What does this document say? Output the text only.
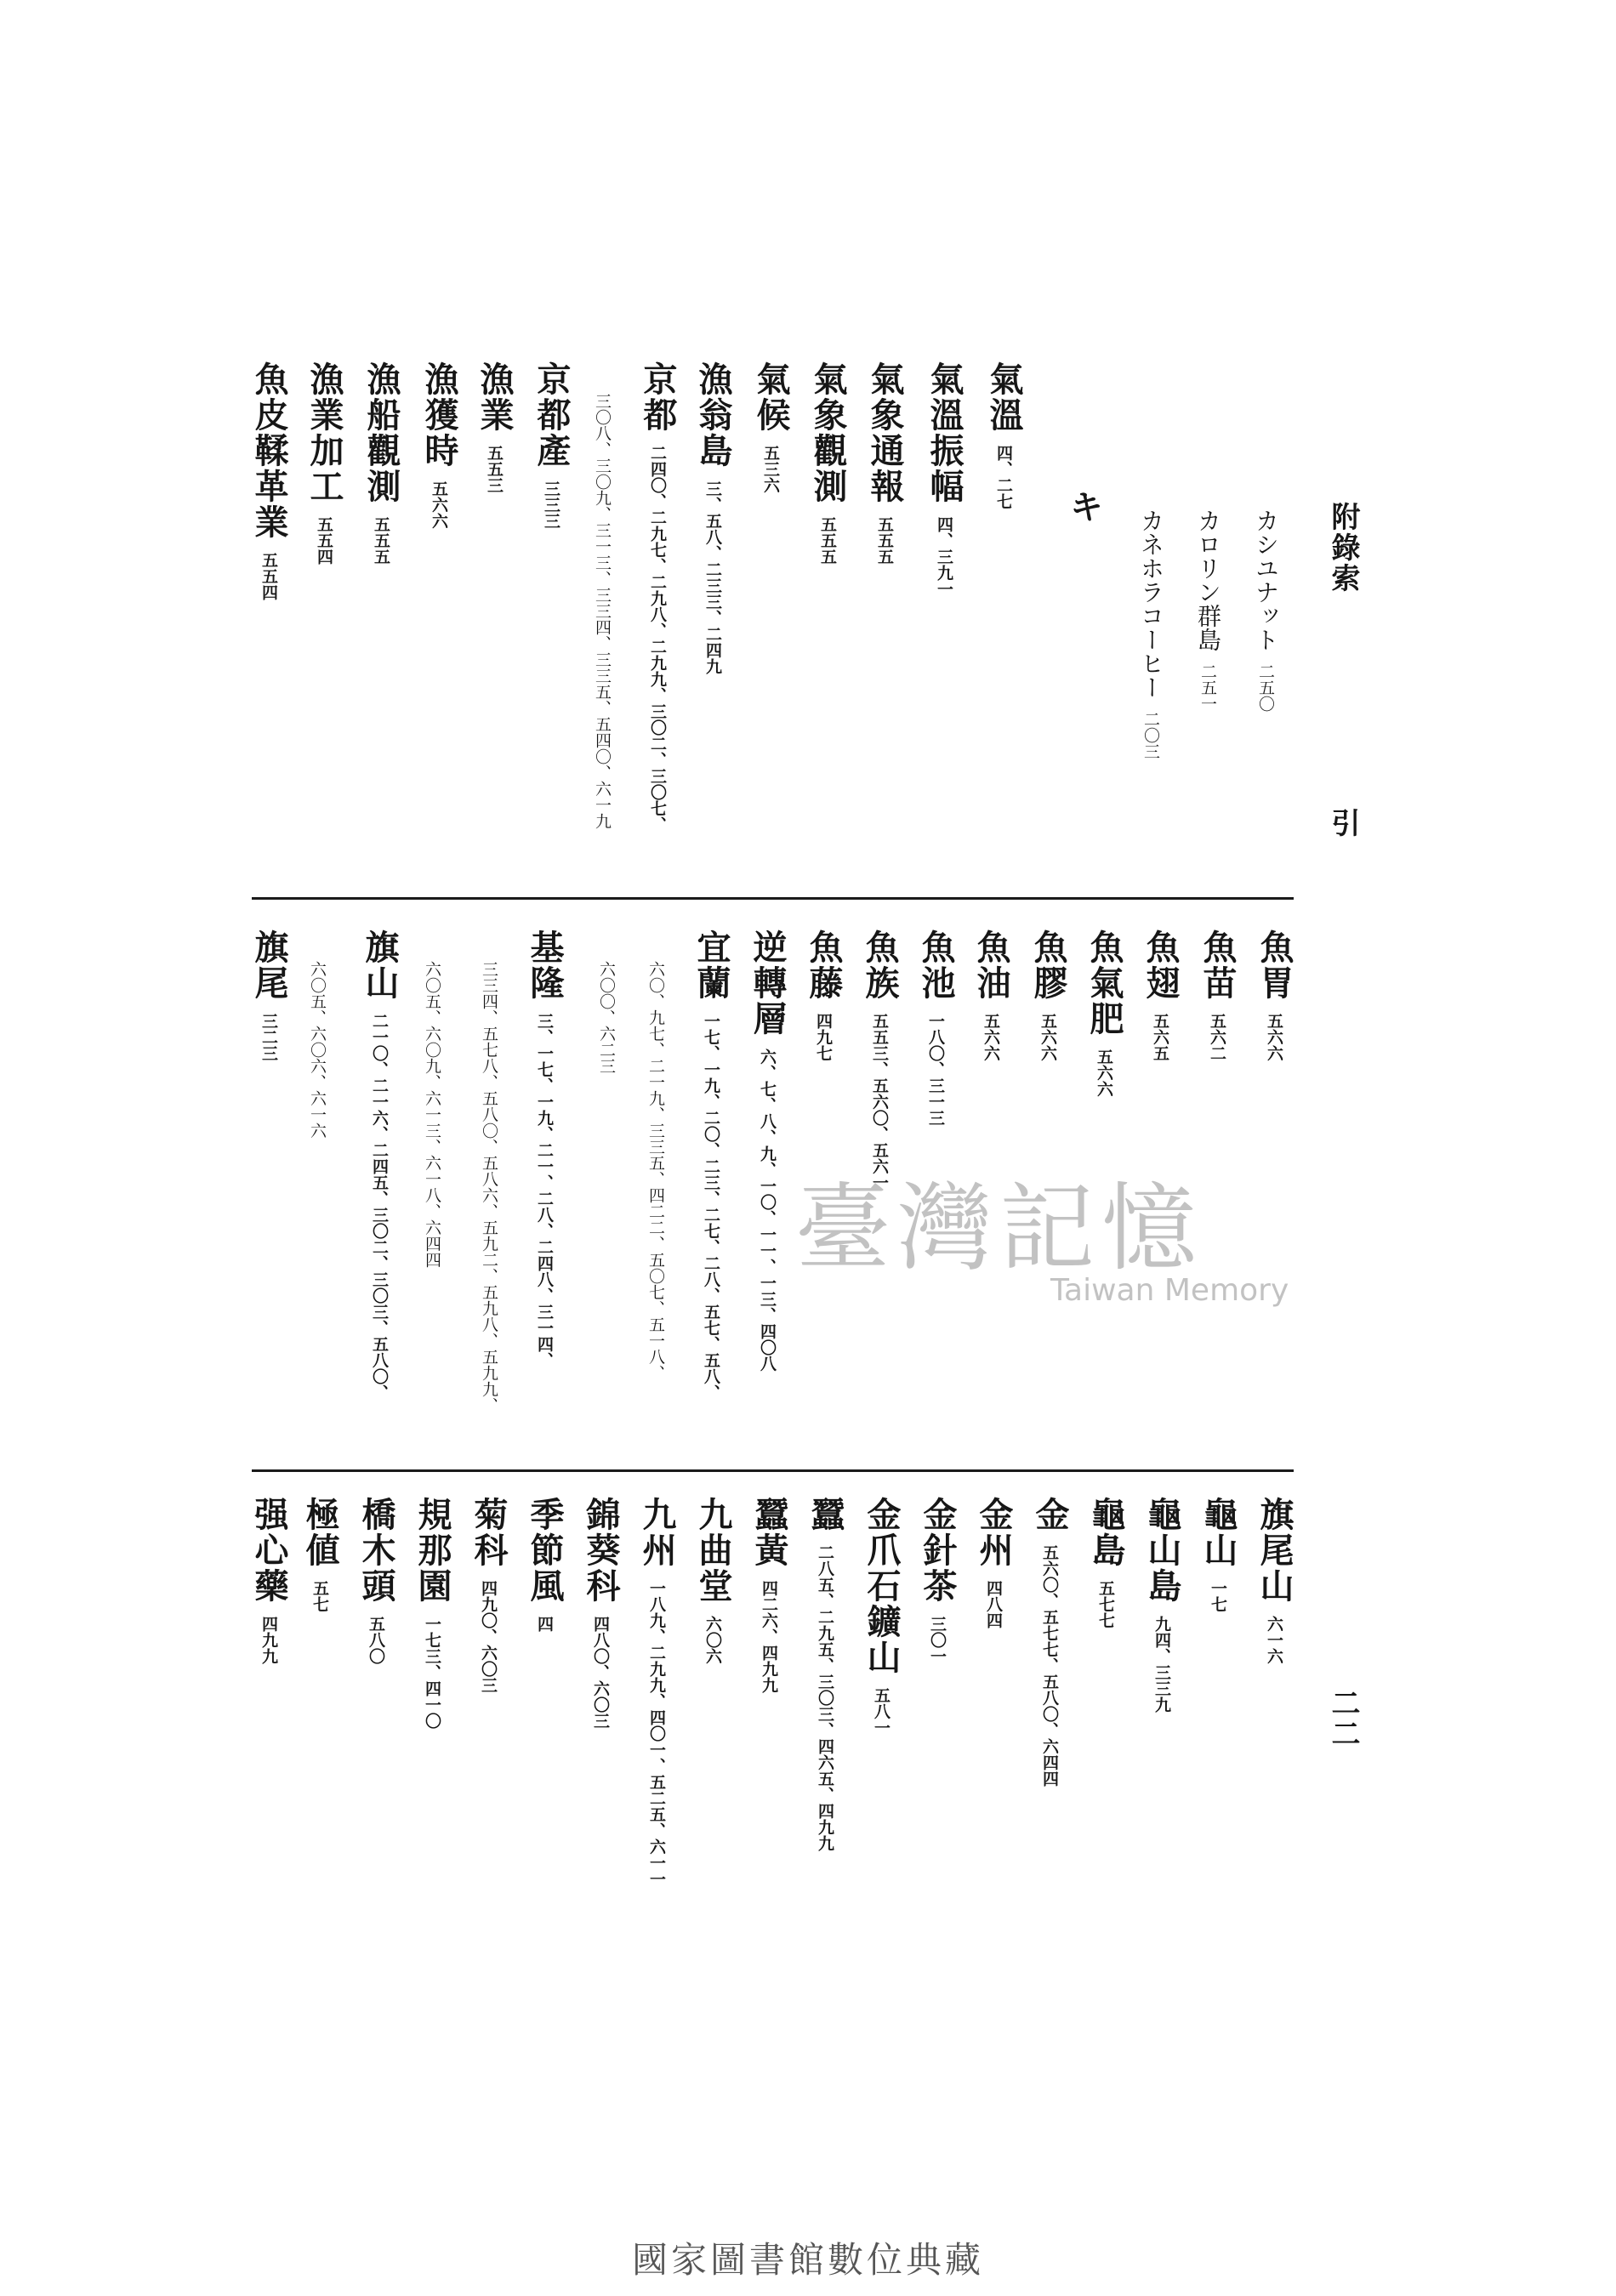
附錄索　　　　　　　引
二二
カシユナット二五〇
カロリン群島二五一
カネホラコーヒー二〇三
キ
氣溫四、二七
氣溫振幅四、三九一
氣象通報五五五
氣象觀測五五五
氣候五三六
漁翁島三、五八、二三三、二四九
京都二四〇、二九七、二九八、二九九、三〇二、三〇七、
三〇八、三〇九、三一三、三三四、三三五、五四〇、六一九
京都產三三三
漁業五五三
漁獲時五六六
漁船觀測五五五
漁業加工五五四
魚皮鞣革業五五四
魚胃五六六
魚苗五六二
魚翅五六五
魚氣肥五六六
魚膠五六六
魚油五六六
魚池一八〇、三一三
魚族五五三、五六〇、五六一
魚藤四九七
逆轉層六、七、八、九、一〇、一一、一三、四〇八
宜蘭一七、一九、二〇、二三、二七、二八、五七、五八、
六〇、九七、二一九、三三五、四二二、五〇七、五一八、
六〇〇、六二三
基隆三、一七、一九、二一、二八、二四八、三一四、
三三四、五七八、五八〇、五八六、五九二、五九八、五九九、
六〇五、六〇九、六一三、六一八、六四四
旗山二一〇、二一六、二四五、三〇二、三〇三、五八〇、
六〇五、六〇六、六一六
旗尾三二三
臺灣記憶
Taiwan Memory
旗尾山六一六
龜山一七
龜山島九四、三三九
龜島五七七
金五六〇、五七七、五八〇、六四四
金州四八四
金針茶三〇一
金爪石鑛山五八一
蠶二八五、二九五、三〇三、四六五、四九九
蠶黃四二六、四九九
九曲堂六〇六
九州一八九、二九九、四〇一、五二五、六一一
錦葵科四八〇、六〇三
季節風四
菊科四九〇、六〇三
規那園一七三、四一〇
橋木頭五八〇
極値五七
强心藥四九九
國家圖書館數位典藏
